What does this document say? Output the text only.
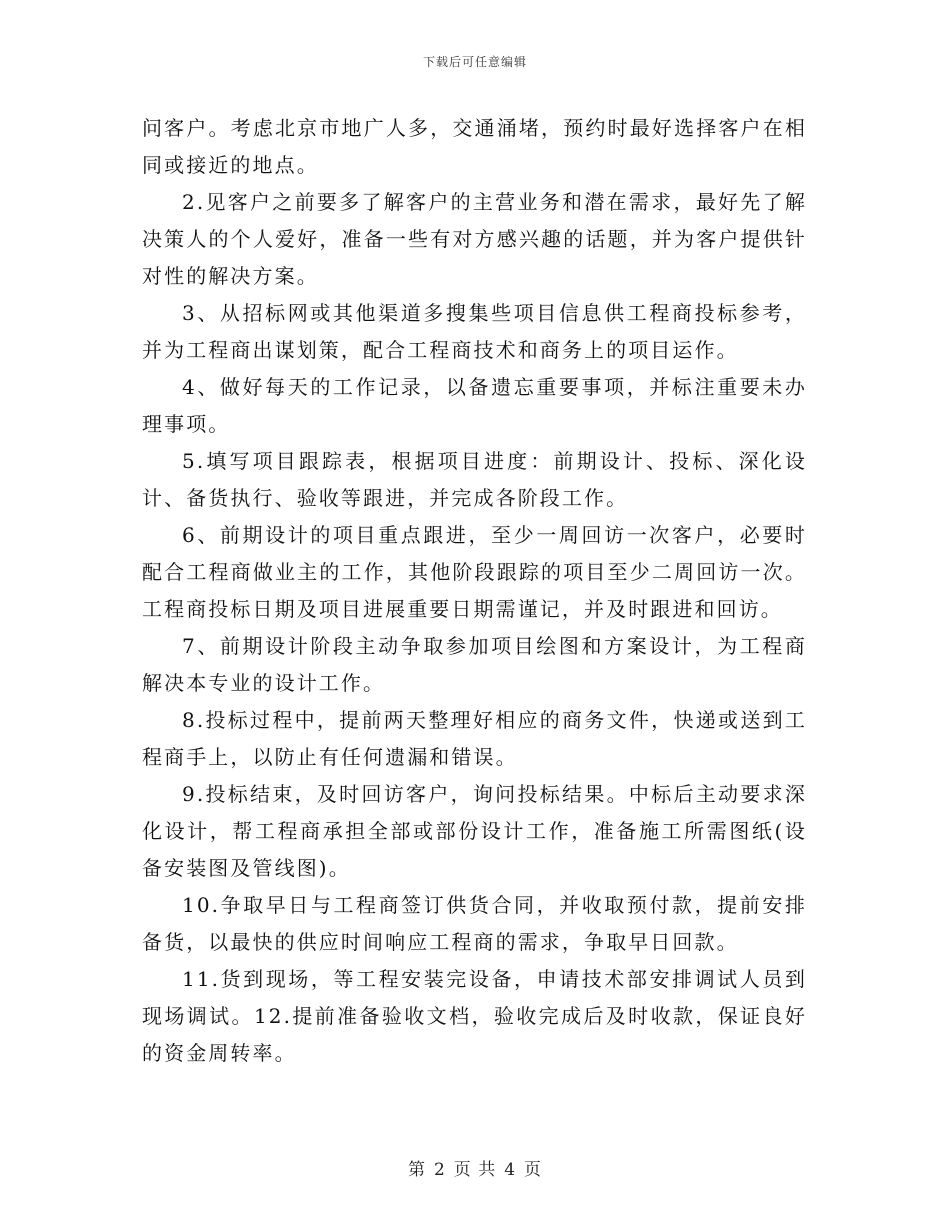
下载后可任意编辑

问客户。考虑北京市地广人多，交通涌堵，预约时最好选择客户在相同或接近的地点。

2.见客户之前要多了解客户的主营业务和潜在需求，最好先了解决策人的个人爱好，准备一些有对方感兴趣的话题，并为客户提供针对性的解决方案。

3、从招标网或其他渠道多搜集些项目信息供工程商投标参考，并为工程商出谋划策，配合工程商技术和商务上的项目运作。

4、做好每天的工作记录，以备遗忘重要事项，并标注重要未办理事项。

5.填写项目跟踪表，根据项目进度：前期设计、投标、深化设计、备货执行、验收等跟进，并完成各阶段工作。

6、前期设计的项目重点跟进，至少一周回访一次客户，必要时配合工程商做业主的工作，其他阶段跟踪的项目至少二周回访一次。工程商投标日期及项目进展重要日期需谨记，并及时跟进和回访。

7、前期设计阶段主动争取参加项目绘图和方案设计，为工程商解决本专业的设计工作。

8.投标过程中，提前两天整理好相应的商务文件，快递或送到工程商手上，以防止有任何遗漏和错误。

9.投标结束，及时回访客户，询问投标结果。中标后主动要求深化设计，帮工程商承担全部或部份设计工作，准备施工所需图纸(设备安装图及管线图)。

10.争取早日与工程商签订供货合同，并收取预付款，提前安排备货，以最快的供应时间响应工程商的需求，争取早日回款。

11.货到现场，等工程安装完设备，申请技术部安排调试人员到现场调试。12.提前准备验收文档，验收完成后及时收款，保证良好的资金周转率。

第 2 页 共 4 页
